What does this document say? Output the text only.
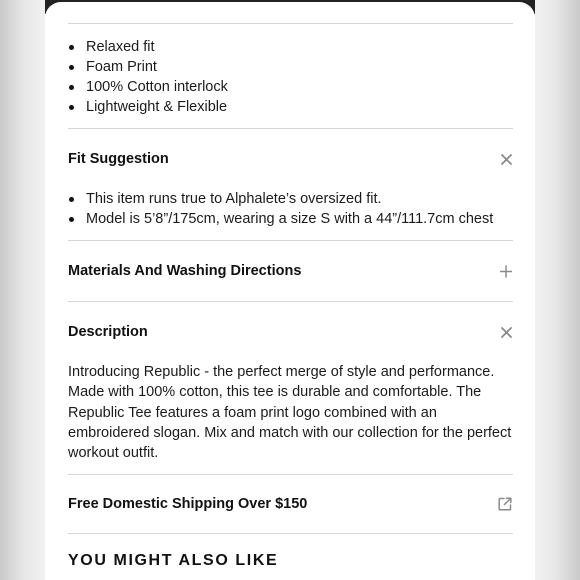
Relaxed fit
Foam Print
100% Cotton interlock
Lightweight & Flexible
Fit Suggestion
This item runs true to Alphalete’s oversized fit.
Model is 5’8”/175cm, wearing a size S with a 44”/111.7cm chest
Materials And Washing Directions
Description

Introducing Republic - the perfect merge of style and performance. Made with 100% cotton, this tee is durable and comfortable. The Republic Tee features a foam print logo combined with an embroidered slogan. Mix and match with our collection for the perfect workout outfit.

Free Domestic Shipping Over $150
YOU MIGHT ALSO LIKE
